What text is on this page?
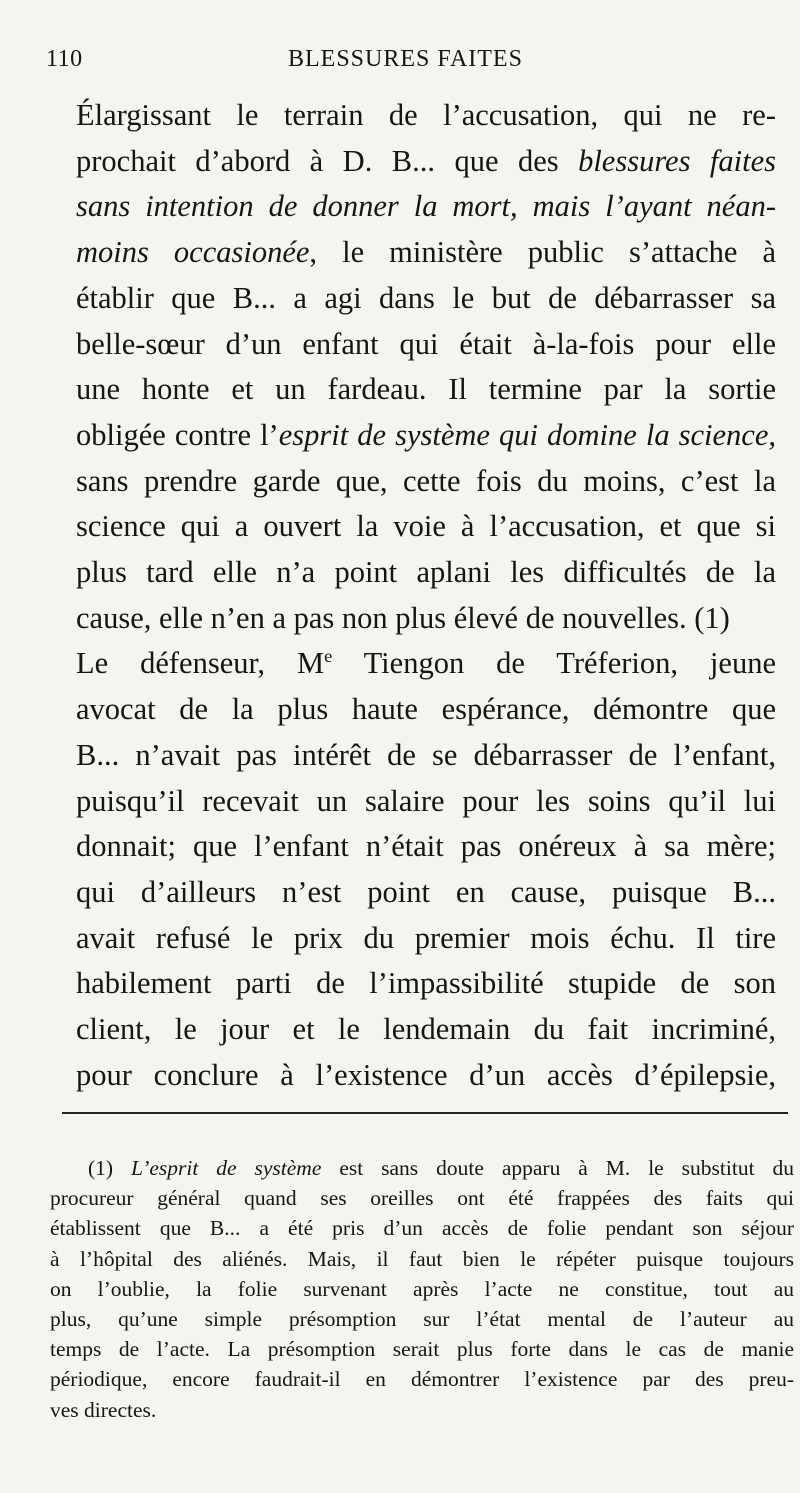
110	BLESSURES FAITES

Élargissant le terrain de l’accusation, qui ne re-
prochait d’abord à D. B... que des blessures faites
sans intention de donner la mort, mais l’ayant néan-
moins occasionée, le ministère public s’attache à
établir que B... a agi dans le but de débarrasser sa
belle-sœur d’un enfant qui était à-la-fois pour elle
une honte et un fardeau. Il termine par la sortie
obligée contre l’esprit de système qui domine la science,
sans prendre garde que, cette fois du moins, c’est la
science qui a ouvert la voie à l’accusation, et que si
plus tard elle n’a point aplani les difficultés de la
cause, elle n’en a pas non plus élevé de nouvelles. (1)

Le défenseur, Me Tiengon de Tréferion, jeune
avocat de la plus haute espérance, démontre que
B... n’avait pas intérêt de se débarrasser de l’enfant,
puisqu’il recevait un salaire pour les soins qu’il lui
donnait; que l’enfant n’était pas onéreux à sa mère;
qui d’ailleurs n’est point en cause, puisque B...
avait refusé le prix du premier mois échu. Il tire
habilement parti de l’impassibilité stupide de son
client, le jour et le lendemain du fait incriminé,
pour conclure à l’existence d’un accès d’épilepsie,

(1) L’esprit de système est sans doute apparu à M. le substitut du
procureur général quand ses oreilles ont été frappées des faits qui
établissent que B... a été pris d’un accès de folie pendant son séjour
à l’hôpital des aliénés. Mais, il faut bien le répéter puisque toujours
on l’oublie, la folie survenant après l’acte ne constitue, tout au
plus, qu’une simple présomption sur l’état mental de l’auteur au
temps de l’acte. La présomption serait plus forte dans le cas de manie
périodique, encore faudrait-il en démontrer l’existence par des preu-
ves directes.
